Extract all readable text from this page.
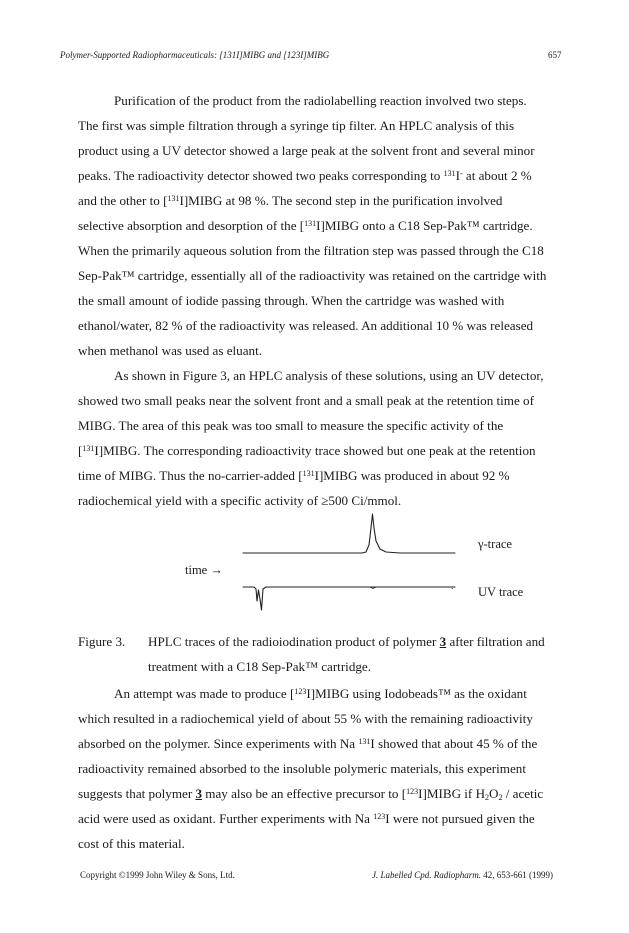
Polymer-Supported Radiopharmaceuticals: [131I]MIBG and [123I]MIBG	657
Purification of the product from the radiolabelling reaction involved two steps.
The first was simple filtration through a syringe tip filter. An HPLC analysis of this
product using a UV detector showed a large peak at the solvent front and several minor
peaks. The radioactivity detector showed two peaks corresponding to $^{131}$I- at about 2 %
and the other to [$^{131}$I]MIBG at 98 %. The second step in the purification involved
selective absorption and desorption of the [$^{131}$I]MIBG onto a C18 Sep-Pak™ cartridge.
When the primarily aqueous solution from the filtration step was passed through the C18
Sep-Pak™ cartridge, essentially all of the radioactivity was retained on the cartridge with
the small amount of iodide passing through. When the cartridge was washed with
ethanol/water, 82 % of the radioactivity was released. An additional 10 % was released
when methanol was used as eluant.
As shown in Figure 3, an HPLC analysis of these solutions, using an UV detector,
showed two small peaks near the solvent front and a small peak at the retention time of
MIBG. The area of this peak was too small to measure the specific activity of the
[$^{131}$I]MIBG. The corresponding radioactivity trace showed but one peak at the retention
time of MIBG. Thus the no-carrier-added [$^{131}$I]MIBG was produced in about 92 %
radiochemical yield with a specific activity of ≥500 Ci/mmol.
.
time →
γ-trace
UV trace
Figure 3. HPLC traces of the radioiodination product of polymer 3 after filtration and
treatment with a C18 Sep-Pak™ cartridge.
An attempt was made to produce [$^{123}$I]MIBG using Iodobeads™ as the oxidant
which resulted in a radiochemical yield of about 55 % with the remaining radioactivity
absorbed on the polymer. Since experiments with Na $^{131}$I showed that about 45 % of the
radioactivity remained absorbed to the insoluble polymeric materials, this experiment
suggests that polymer 3 may also be an effective precursor to [$^{123}$I]MIBG if $H_2O_2$ / acetic
acid were used as oxidant. Further experiments with Na $^{123}$I were not pursued given the
cost of this material.
Copyright ©1999 John Wiley & Sons, Ltd.	J. Labelled Cpd. Radiopharm. 42, 653-661 (1999)
